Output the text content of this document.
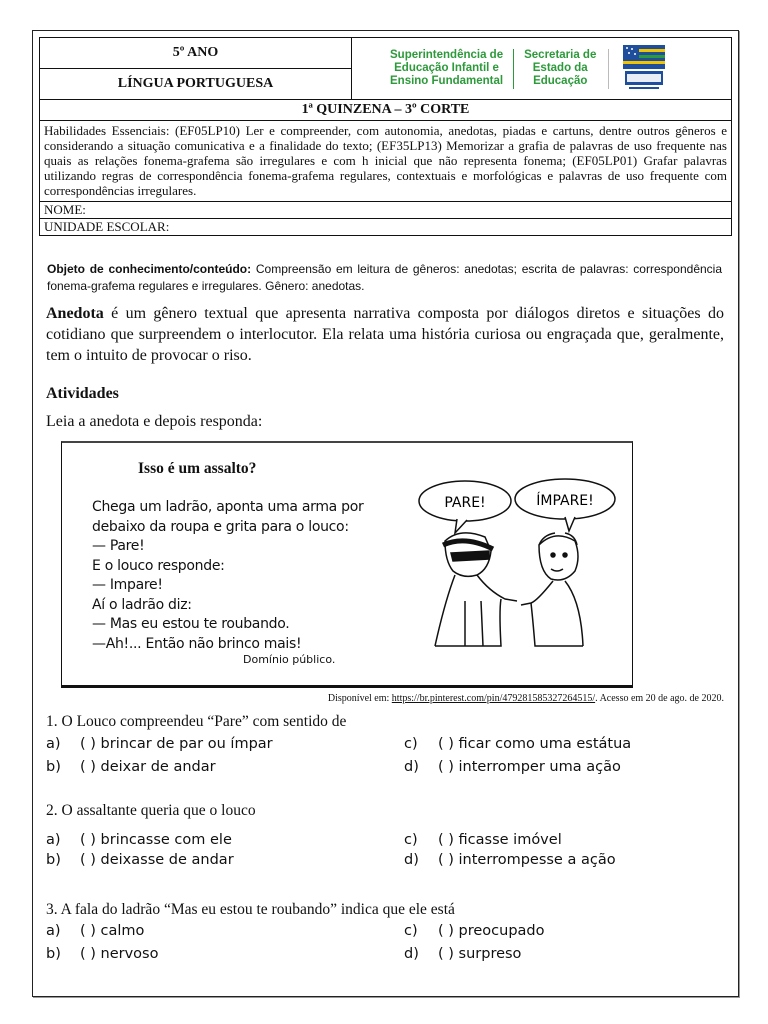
5º ANO
LÍNGUA PORTUGUESA
Superintendência de
Educação Infantil e
Ensino Fundamental
Secretaria de
Estado da
Educação
1ª QUINZENA – 3º CORTE
Habilidades Essenciais: (EF05LP10) Ler e compreender, com autonomia, anedotas, piadas e cartuns, dentre outros gêneros e considerando a situação comunicativa e a finalidade do texto; (EF35LP13) Memorizar a grafia de palavras de uso frequente nas quais as relações fonema-grafema são irregulares e com h inicial que não representa fonema; (EF05LP01) Grafar palavras utilizando regras de correspondência fonema-grafema regulares, contextuais e morfológicas e palavras de uso frequente com correspondências irregulares.
NOME:
UNIDADE ESCOLAR:
Objeto de conhecimento/conteúdo: Compreensão em leitura de gêneros: anedotas; escrita de palavras: correspondência fonema-grafema regulares e irregulares. Gênero: anedotas.
Anedota é um gênero textual que apresenta narrativa composta por diálogos diretos e situações do cotidiano que surpreendem o interlocutor. Ela relata uma história curiosa ou engraçada que, geralmente, tem o intuito de provocar o riso.
Atividades
Leia a anedota e depois responda:
Isso é um assalto?
Chega um ladrão, aponta uma arma por
debaixo da roupa e grita para o louco:
— Pare!
E o louco responde:
— Impare!
Aí o ladrão diz:
— Mas eu estou te roubando.
—Ah!... Então não brinco mais!
Domínio público.
PARE!	ÍMPARE!
Disponível em: https://br.pinterest.com/pin/479281585327264515/. Acesso em 20 de ago. de 2020.
1. O Louco compreendeu “Pare” com sentido de
a)	( ) brincar de par ou ímpar	c)	( ) ficar como uma estátua
b)	( ) deixar de andar	d)	( ) interromper uma ação
2. O assaltante queria que o louco
a)	( ) brincasse com ele	c)	( ) ficasse imóvel
b)	( ) deixasse de andar	d)	( ) interrompesse a ação
3. A fala do ladrão “Mas eu estou te roubando” indica que ele está
a)	( ) calmo	c)	( ) preocupado
b)	( ) nervoso	d)	( ) surpreso
